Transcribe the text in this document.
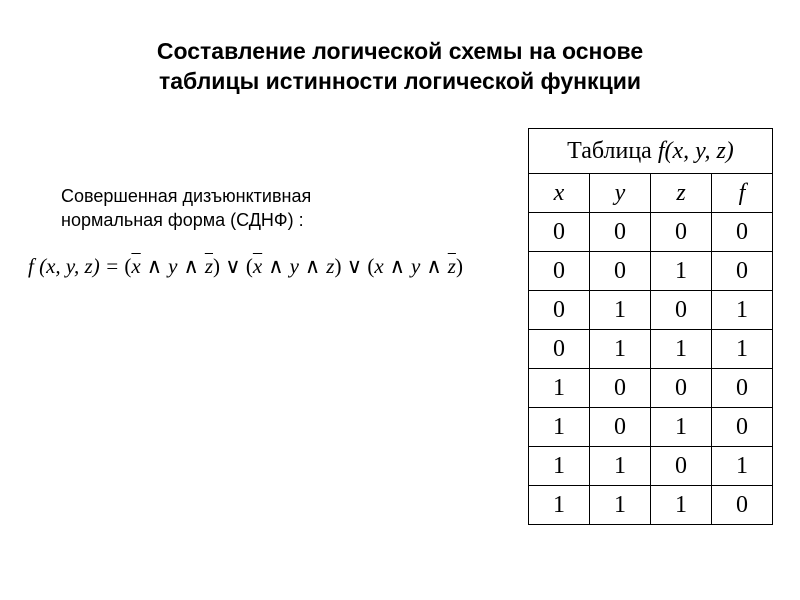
Составление логической схемы на основе
таблицы истинности логической функции
Совершенная дизъюнктивная
нормальная форма (СДНФ) :
f (x, y, $z) = (\overline{x}$ ∧ y ∧ $\overline{z}$) ∨ ($\overline{x}$ ∧ y ∧ z) ∨ (x ∧ y ∧ $\overline{z}$)
Таблица f(x, y, z)			
x	y	z	f
0	0	0	0
0	0	1	0
0	1	0	1
0	1	1	1
1	0	0	0
1	0	1	0
1	1	0	1
1	1	1	0
